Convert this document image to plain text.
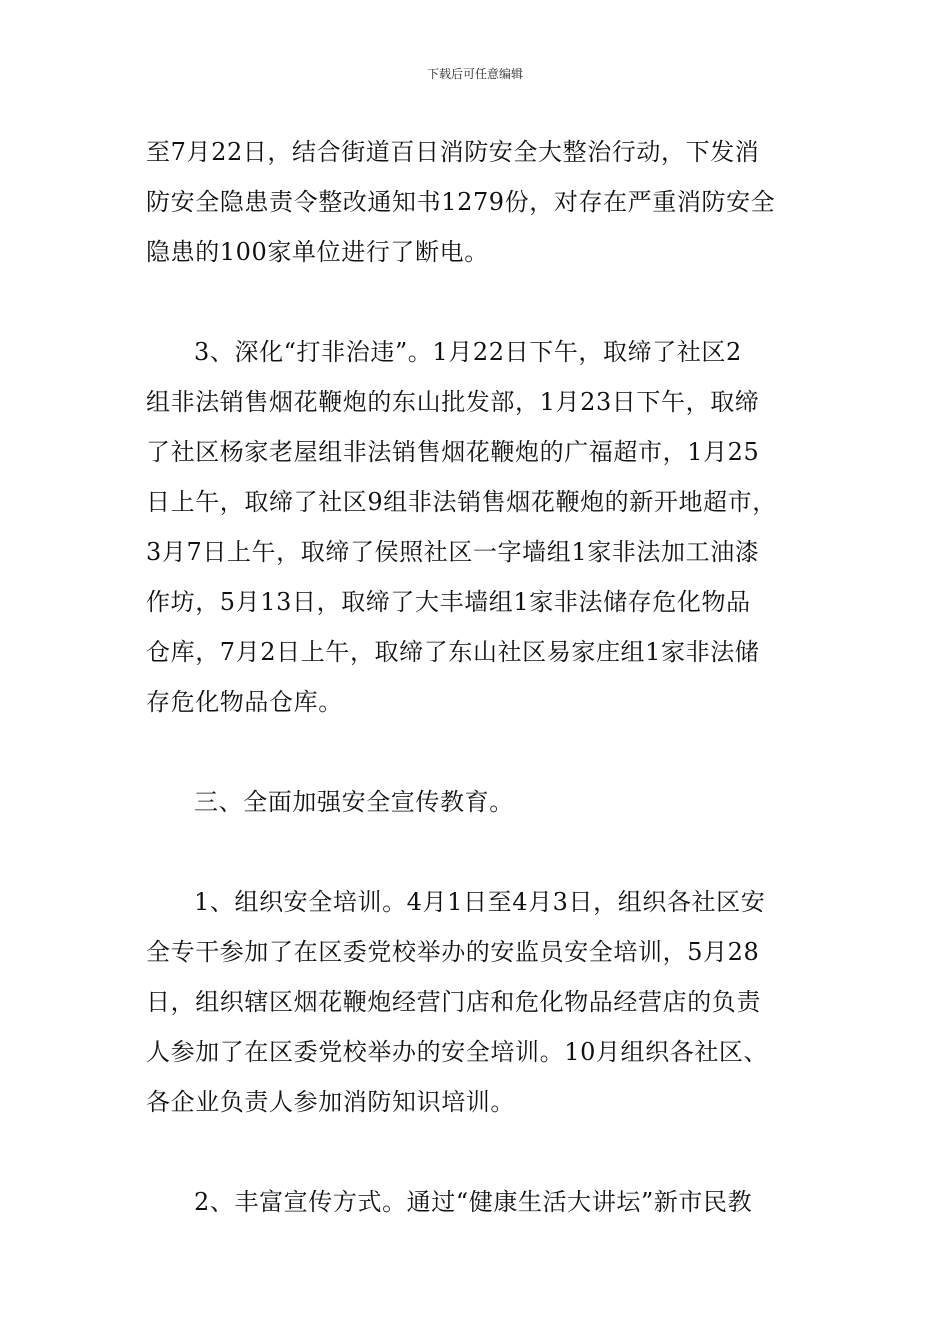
下载后可任意编辑

至7月22日，结合街道百日消防安全大整治行动，下发消
防安全隐患责令整改通知书1279份，对存在严重消防安全
隐患的100家单位进行了断电。

3、深化“打非治违”。1月22日下午，取缔了社区2
组非法销售烟花鞭炮的东山批发部，1月23日下午，取缔
了社区杨家老屋组非法销售烟花鞭炮的广福超市，1月25
日上午，取缔了社区9组非法销售烟花鞭炮的新开地超市，
3月7日上午，取缔了侯照社区一字墙组1家非法加工油漆
作坊，5月13日，取缔了大丰墙组1家非法储存危化物品
仓库，7月2日上午，取缔了东山社区易家庄组1家非法储
存危化物品仓库。

三、全面加强安全宣传教育。

1、组织安全培训。4月1日至4月3日，组织各社区安
全专干参加了在区委党校举办的安监员安全培训，5月28
日，组织辖区烟花鞭炮经营门店和危化物品经营店的负责
人参加了在区委党校举办的安全培训。10月组织各社区、
各企业负责人参加消防知识培训。

2、丰富宣传方式。通过“健康生活大讲坛”新市民教
